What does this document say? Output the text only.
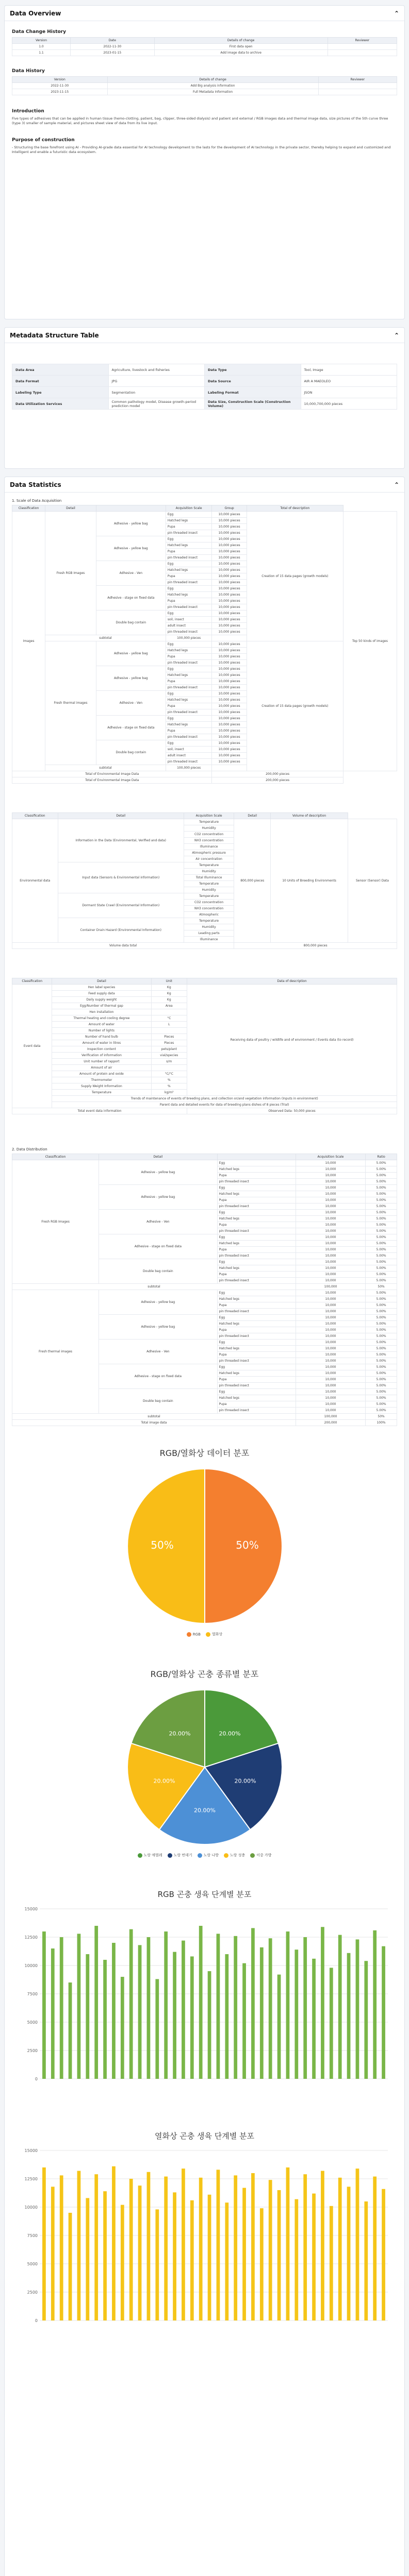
Data Overview	⌃
Data Change History
Version	Date	Details of change	Reviewer
1.0	2022-11-30	First data open	
1.1	2023-01-15	Add image data to archive	
Data History
Version	Details of change	Reviewer
2022-11-30	Add Big analysis information	
2023-11-15	Full Metadata Information	
Introduction
Five types of adhesives that can be applied in human tissue (hemo-clotting, patient, bag, clipper, three-sided dialysis) and patient and external / RGB images data and thermal image data, size pictures of the 5th curve three (type 3) smaller of sample material, and pictures sheet view of data from its live input.
Purpose of construction
- Structuring the base forefront using AI - Providing AI-grade data essential for AI technology development to the lasts for the development of AI technology in the private sector, thereby helping to expand and customized and Intelligent and enable a futuristic data ecosystem.
Metadata Structure Table	⌃
Data Area	Agriculture, livestock and fisheries	Data Type	Tool, Image
Data Format	JPG	Data Source	AIR A MAEOLEO
Labeling Type	Segmentation	Labeling Format	JSON
Data Utilization Services	Common pathology model, Disease growth-period prediction model	Data Size, Construction Scale (Construction Volume)	10,000,700,000 pieces
Data Statistics	⌃
1. Scale of Data Acquisition
Classification	Detail		Acquisition Scale	Group	Total of description	
Images	Fresh RGB Images	Adhesive - yellow bag	Egg	10,000 pieces	Creation of 15 data pages (growth models)	Top 50 kinds of images
			Hatched legs	10,000 pieces		
			Pupa	10,000 pieces		
			pin threaded insect	10,000 pieces		
		Adhesive - yellow bag	Egg	10,000 pieces		
			Hatched legs	10,000 pieces		
			Pupa	10,000 pieces		
			pin threaded insect	10,000 pieces		
		Adhesive - Ven	Egg	10,000 pieces		
			Hatched legs	10,000 pieces		
			Pupa	10,000 pieces		
			pin threaded insect	10,000 pieces		
		Adhesive - stage on fixed data	Egg	10,000 pieces		
			Hatched legs	10,000 pieces		
			Pupa	10,000 pieces		
			pin threaded insect	10,000 pieces		
		Double bag contain	Egg	10,000 pieces		
			soil, insect	10,000 pieces		
			adult insect	10,000 pieces		
			pin threaded insect	10,000 pieces		
	subtotal		100,000 pieces			
	Fresh thermal images	Adhesive - yellow bag	Egg	10,000 pieces	Creation of 15 data pages (growth models)	
			Hatched legs	10,000 pieces		
			Pupa	10,000 pieces		
			pin threaded insect	10,000 pieces		
		Adhesive - yellow bag	Egg	10,000 pieces		
			Hatched legs	10,000 pieces		
			Pupa	10,000 pieces		
			pin threaded insect	10,000 pieces		
		Adhesive - Ven	Egg	10,000 pieces		
			Hatched legs	10,000 pieces		
			Pupa	10,000 pieces		
			pin threaded insect	10,000 pieces		
		Adhesive - stage on fixed data	Egg	10,000 pieces		
			Hatched legs	10,000 pieces		
			Pupa	10,000 pieces		
			pin threaded insect	10,000 pieces		
		Double bag contain	Egg	10,000 pieces		
			soil, insect	10,000 pieces		
			adult insect	10,000 pieces		
			pin threaded insect	10,000 pieces		
	subtotal		100,000 pieces			
Total of Environmental Image Data				200,000 pieces		
Total of Environmental Image Data				200,000 pieces		
Classification	Detail	Acquisition Scale	Detail	Volume of description	
Environmental data	Information in the Data (Environmental, Verified and data)	Temperature	800,000 pieces	10 Units of Breeding Environments	Sensor (Sensor) Data
		Humidity			
		CO2 concentration			
		NH3 concentration			
		Illuminance			
		Atmospheric pressure			
		Air concentration			
	Input data (Sensors & Environmental information)	Temperature			
		Humidity			
		Total Illuminance			
		Temperature			
		Humidity			
	Dormant State Crawl (Environmental Information)	Temperature			
		CO2 concentration			
		NH3 concentration			
		Atmospheric			
	Container Drain Hazard (Environmental Information)	Temperature			
		Humidity			
		Leading parts			
		Illuminance			
Volume data total			800,000 pieces		
Classification	Detail	Unit	Data of description
Event data	Hen label species	Kg	Receiving data of poultry / wildlife and of environment / Events data (to record)
	Feed supply data	Kg	
	Daily supply weight	Kg	
	Egg/Number of thermal gap	Area	
	Hen installation		
	Thermal heating and cooling degree	°C	
	Amount of water	L	
	Number of lights		
	Number of hand bulb	Pieces	
	Amount of water in litres	Pieces	
	Inspection content	pets/plant	
	Verification of information	vial/species	
	Unit number of rapport	s/m	
	Amount of air		
	Amount of protein and oxide	°C/°C	
	Thermometer	%	
	Supply Weight Information	%	
	Temperature	kg/m²	
	Trends of maintenance of events of breeding plans, and collection or/and vegetation information (Inputs in environment)		
	Parent data and detailed events for data of breeding plans dishes of 8 pieces (Trial)		
Total event data information			Observed Data: 50,000 pieces
2. Data Distribution
Classification	Detail		Acquisition Scale	Ratio
Fresh RGB Images	Adhesive - yellow bag	Egg	10,000	5.00%
		Hatched legs	10,000	5.00%
		Pupa	10,000	5.00%
		pin threaded insect	10,000	5.00%
	Adhesive - yellow bag	Egg	10,000	5.00%
		Hatched legs	10,000	5.00%
		Pupa	10,000	5.00%
		pin threaded insect	10,000	5.00%
	Adhesive - Ven	Egg	10,000	5.00%
		Hatched legs	10,000	5.00%
		Pupa	10,000	5.00%
		pin threaded insect	10,000	5.00%
	Adhesive - stage on fixed data	Egg	10,000	5.00%
		Hatched legs	10,000	5.00%
		Pupa	10,000	5.00%
		pin threaded insect	10,000	5.00%
	Double bag contain	Egg	10,000	5.00%
		Hatched legs	10,000	5.00%
		Pupa	10,000	5.00%
		pin threaded insect	10,000	5.00%
subtotal			100,000	50%
Fresh thermal images	Adhesive - yellow bag	Egg	10,000	5.00%
		Hatched legs	10,000	5.00%
		Pupa	10,000	5.00%
		pin threaded insect	10,000	5.00%
	Adhesive - yellow bag	Egg	10,000	5.00%
		Hatched legs	10,000	5.00%
		Pupa	10,000	5.00%
		pin threaded insect	10,000	5.00%
	Adhesive - Ven	Egg	10,000	5.00%
		Hatched legs	10,000	5.00%
		Pupa	10,000	5.00%
		pin threaded insect	10,000	5.00%
	Adhesive - stage on fixed data	Egg	10,000	5.00%
		Hatched legs	10,000	5.00%
		Pupa	10,000	5.00%
		pin threaded insect	10,000	5.00%
	Double bag contain	Egg	10,000	5.00%
		Hatched legs	10,000	5.00%
		Pupa	10,000	5.00%
		pin threaded insect	10,000	5.00%
subtotal			100,000	50%
Total image data			200,000	100%
RGB/열화상 데이터 분포
50%
50%
RGB	열화상
RGB/열화상 곤충 종류별 분포
20.00%
20.00%
20.00%
20.00%
20.00%
노랑 애벌레	노랑 번데기	노랑 나방	노랑 성충	이중 가방
RGB 곤충 생육 단계별 분포
15000
12500
10000
7500
5000
2500
0
열화상 곤충 생육 단계별 분포
15000
12500
10000
7500
5000
2500
0
